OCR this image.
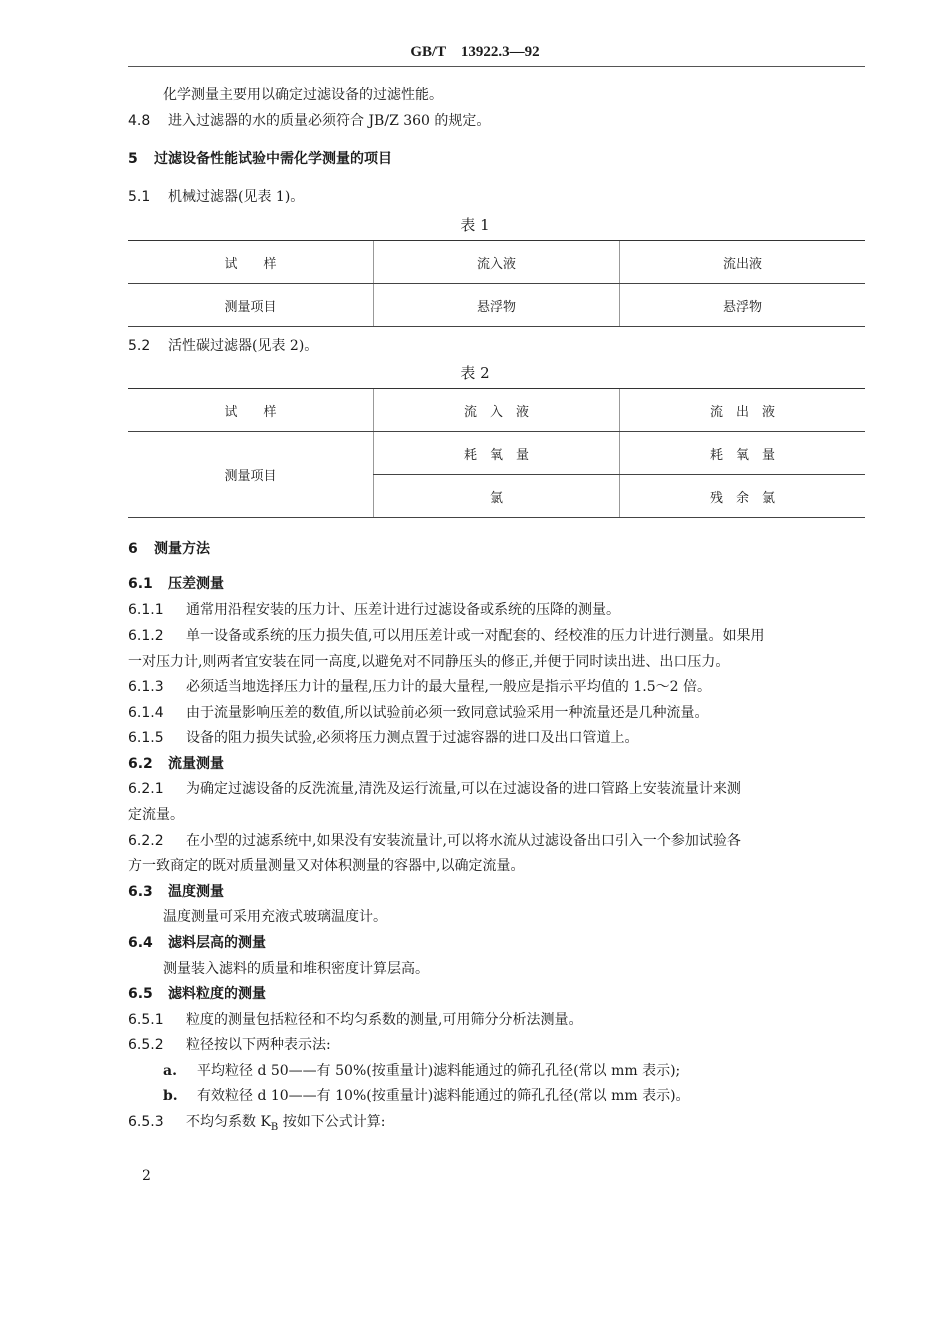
GB/T　13922.3—92
化学测量主要用以确定过滤设备的过滤性能。
4.8 进入过滤器的水的质量必须符合 JB/Z 360 的规定。
5 过滤设备性能试验中需化学测量的项目
5.1 机械过滤器(见表 1)。
表 1
试　　样	流入液	流出液
测量项目	悬浮物	悬浮物
5.2 活性碳过滤器(见表 2)。
表 2
试　　样	流　入　液	流　出　液
测量项目	耗　氧　量	耗　氧　量
	氯	残　余　氯
6 测量方法
6.1 压差测量
6.1.1 通常用沿程安装的压力计、压差计进行过滤设备或系统的压降的测量。
6.1.2 单一设备或系统的压力损失值,可以用压差计或一对配套的、经校准的压力计进行测量。如果用
一对压力计,则两者宜安装在同一高度,以避免对不同静压头的修正,并便于同时读出进、出口压力。
6.1.3 必须适当地选择压力计的量程,压力计的最大量程,一般应是指示平均值的 1.5～2 倍。
6.1.4 由于流量影响压差的数值,所以试验前必须一致同意试验采用一种流量还是几种流量。
6.1.5 设备的阻力损失试验,必须将压力测点置于过滤容器的进口及出口管道上。
6.2 流量测量
6.2.1 为确定过滤设备的反洗流量,清洗及运行流量,可以在过滤设备的进口管路上安装流量计来测
定流量。
6.2.2 在小型的过滤系统中,如果没有安装流量计,可以将水流从过滤设备出口引入一个参加试验各
方一致商定的既对质量测量又对体积测量的容器中,以确定流量。
6.3 温度测量
温度测量可采用充液式玻璃温度计。
6.4 滤料层高的测量
测量装入滤料的质量和堆积密度计算层高。
6.5 滤料粒度的测量
6.5.1 粒度的测量包括粒径和不均匀系数的测量,可用筛分分析法测量。
6.5.2 粒径按以下两种表示法:
a. 平均粒径 d 50——有 50%(按重量计)滤料能通过的筛孔孔径(常以 mm 表示);
b. 有效粒径 d 10——有 10%(按重量计)滤料能通过的筛孔孔径(常以 mm 表示)。
6.5.3 不均匀系数 $K_B$ 按如下公式计算:
2
